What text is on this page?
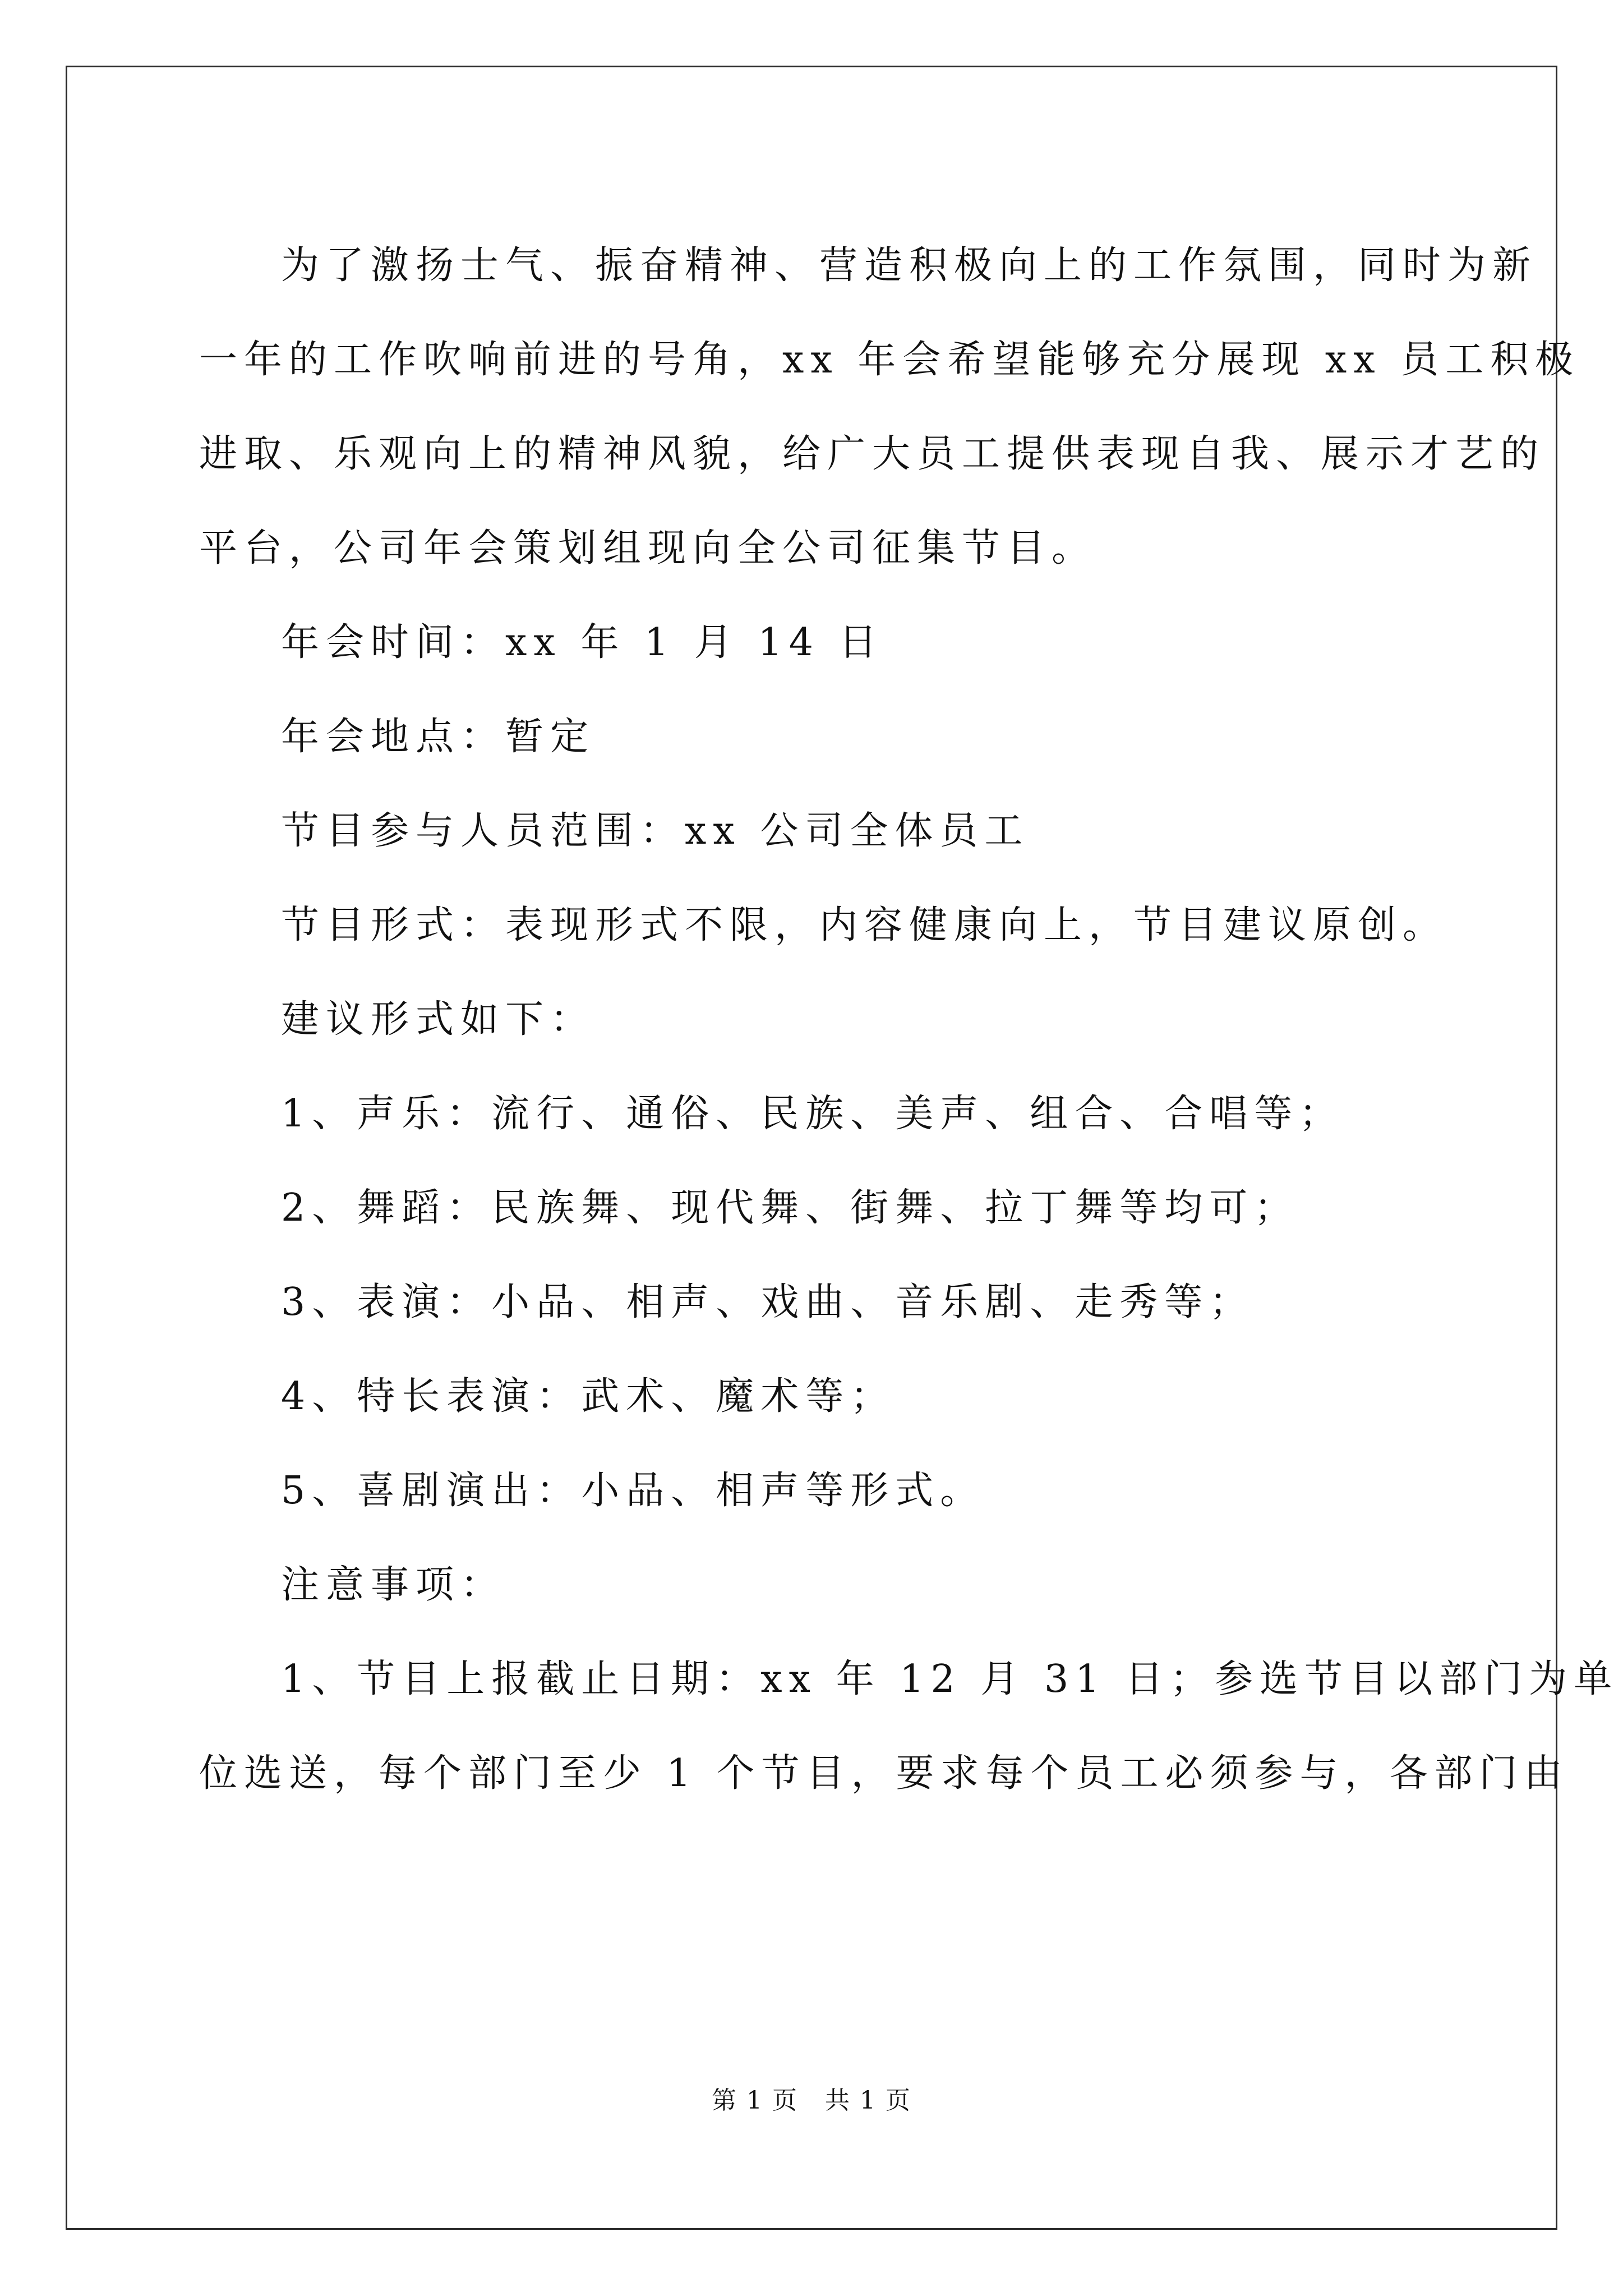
为了激扬士气、振奋精神、营造积极向上的工作氛围，同时为新
一年的工作吹响前进的号角，xx 年会希望能够充分展现 xx 员工积极
进取、乐观向上的精神风貌，给广大员工提供表现自我、展示才艺的
平台，公司年会策划组现向全公司征集节目。
年会时间：xx 年 1 月 14 日
年会地点：暂定
节目参与人员范围：xx 公司全体员工
节目形式：表现形式不限，内容健康向上，节目建议原创。
建议形式如下：
1、声乐：流行、通俗、民族、美声、组合、合唱等；
2、舞蹈：民族舞、现代舞、街舞、拉丁舞等均可；
3、表演：小品、相声、戏曲、音乐剧、走秀等；
4、特长表演：武术、魔术等；
5、喜剧演出：小品、相声等形式。
注意事项：
1、节目上报截止日期：xx 年 12 月 31 日；参选节目以部门为单
位选送，每个部门至少 1 个节目，要求每个员工必须参与，各部门由
第 1 页 共 1 页
